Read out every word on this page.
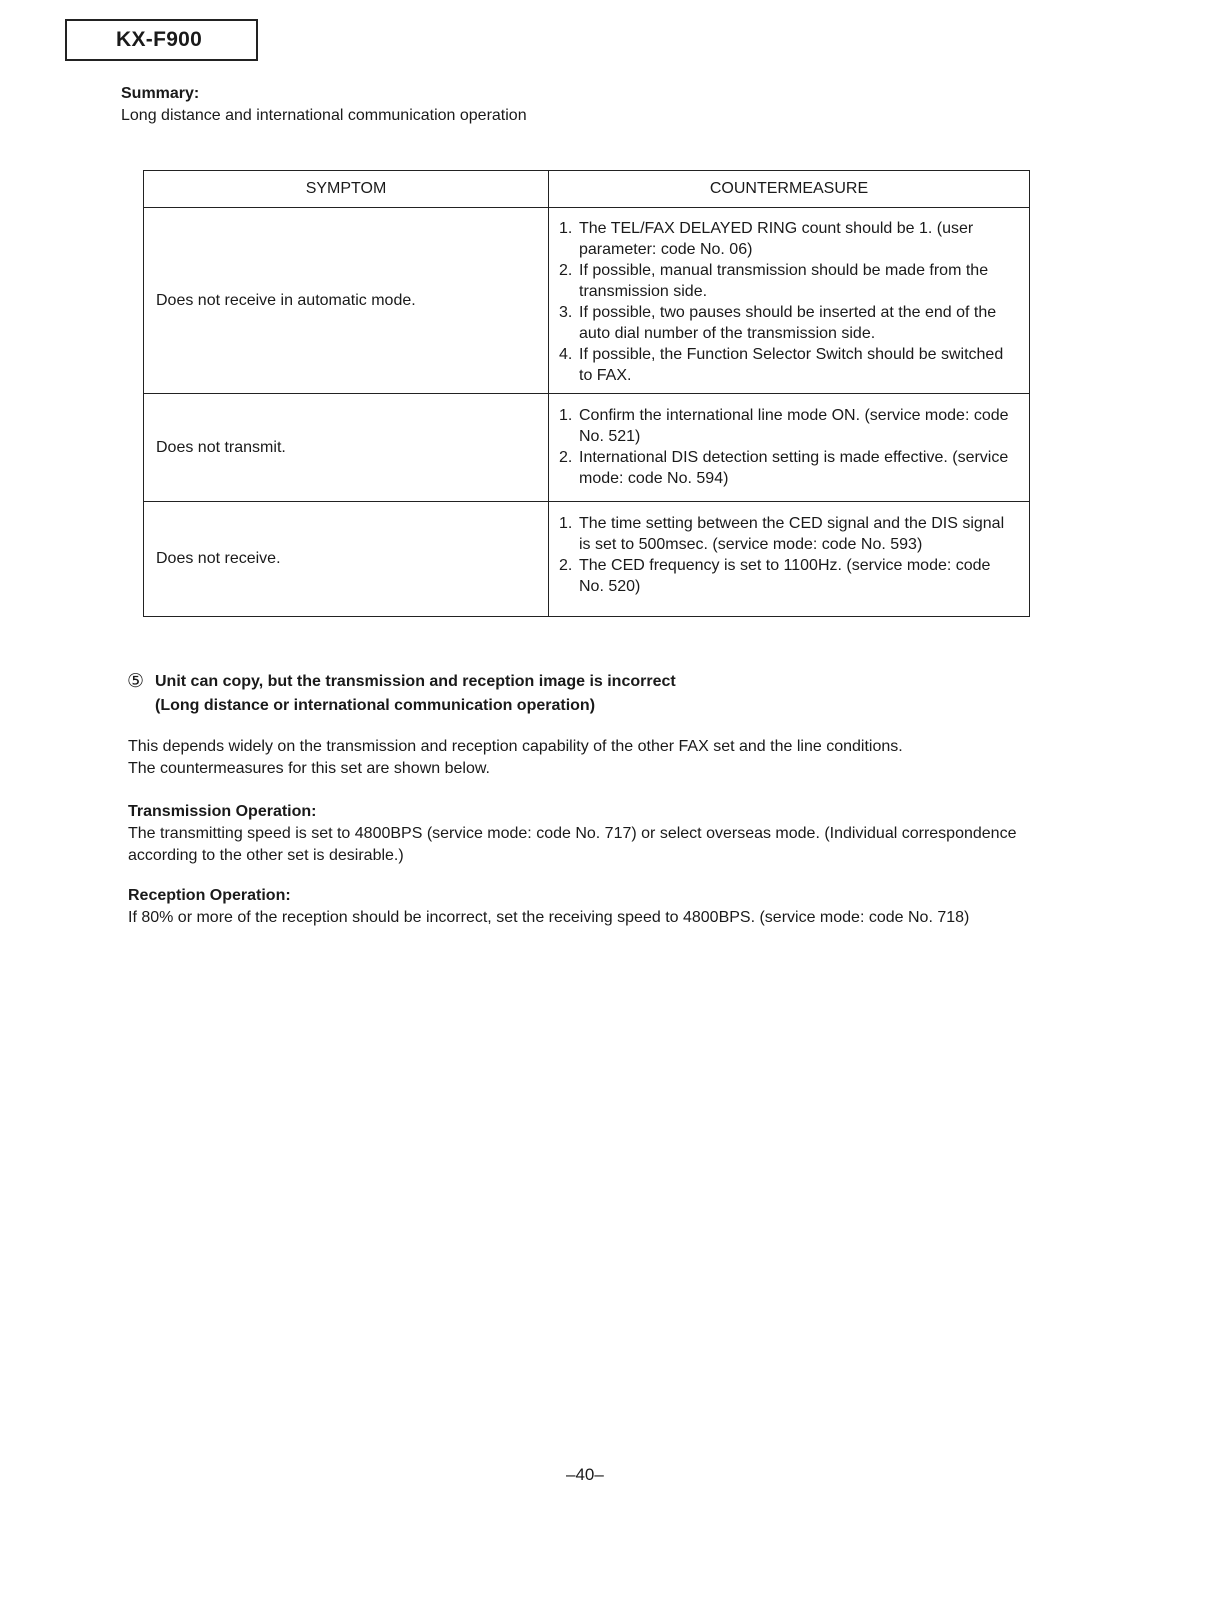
KX-F900
Summary:
Long distance and international communication operation
SYMPTOM	COUNTERMEASURE
Does not receive in automatic mode.
1. The TEL/FAX DELAYED RING count should be 1. (user parameter: code No. 06)
2. If possible, manual transmission should be made from the transmission side.
3. If possible, two pauses should be inserted at the end of the auto dial number of the transmission side.
4. If possible, the Function Selector Switch should be switched to FAX.
Does not transmit.
1. Confirm the international line mode ON. (service mode: code No. 521)
2. International DIS detection setting is made effective. (service mode: code No. 594)
Does not receive.
1. The time setting between the CED signal and the DIS signal is set to 500msec. (service mode: code No. 593)
2. The CED frequency is set to 1100Hz. (service mode: code No. 520)
⑤ Unit can copy, but the transmission and reception image is incorrect
(Long distance or international communication operation)
This depends widely on the transmission and reception capability of the other FAX set and the line conditions.
The countermeasures for this set are shown below.
Transmission Operation:
The transmitting speed is set to 4800BPS (service mode: code No. 717) or select overseas mode. (Individual correspondence according to the other set is desirable.)
Reception Operation:
If 80% or more of the reception should be incorrect, set the receiving speed to 4800BPS. (service mode: code No. 718)
–40–
